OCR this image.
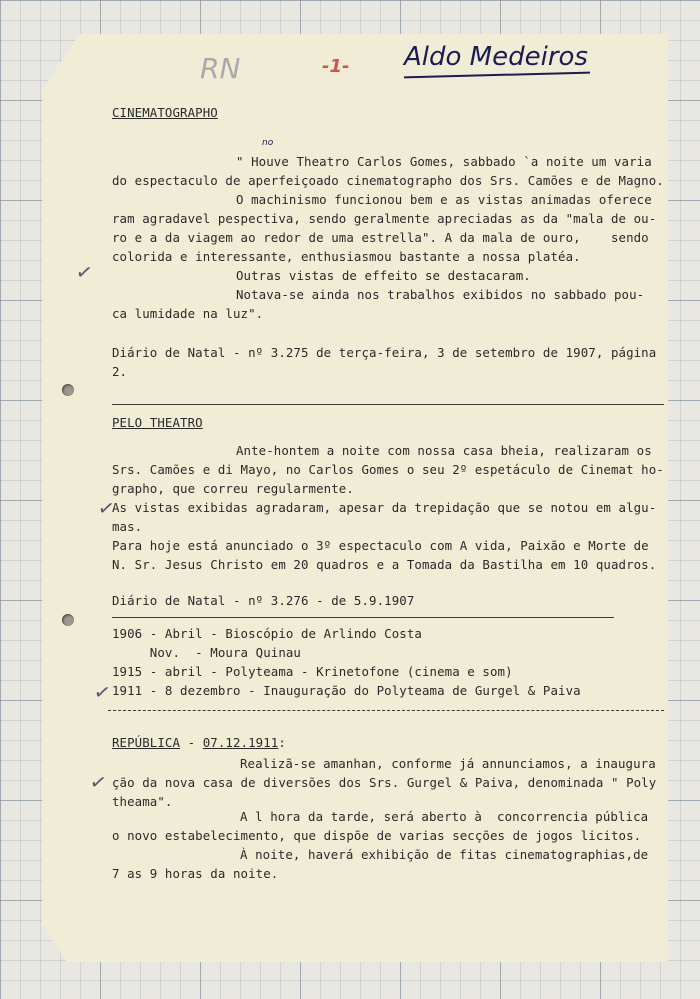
RN	-1- Aldo Medeiros
CINEMATOGRAPHO
" Houve Theatro Carlos Gomes, sabbado `a noite um varia
no
do espectaculo de aperfeiçoado cinematographo dos Srs. Camões e de Magno.
O machinismo funcionou bem e as vistas animadas oferece
ram agradavel pespectiva, sendo geralmente apreciadas as da "mala de ou-
ro e a da viagem ao redor de uma estrella". A da mala de ouro,    sendo
colorida e interessante, enthusiasmou bastante a nossa platéa.
Outras vistas de effeito se destacaram.
Notava-se ainda nos trabalhos exibidos no sabbado pou-
ca lumidade na luz".
Diário de Natal - nº 3.275 de terça-feira, 3 de setembro de 1907, página
2.
PELO THEATRO
Ante-hontem a noite com nossa casa bheia, realizaram os
Srs. Camões e di Mayo, no Carlos Gomes o seu 2º espetáculo de Cinemat ho-
grapho, que correu regularmente.
As vistas exibidas agradaram, apesar da trepidação que se notou em algu-
mas.
Para hoje está anunciado o 3º espectaculo com A vida, Paixão e Morte de
N. Sr. Jesus Christo em 20 quadros e a Tomada da Bastilha em 10 quadros.
Diário de Natal - nº 3.276 - de 5.9.1907
1906 - Abril - Bioscópio de Arlindo Costa
Nov.  - Moura Quinau
1915 - abril - Polyteama - Krinetofone (cinema e som)
1911 - 8 dezembro - Inauguração do Polyteama de Gurgel & Paiva
REPÚBLICA - 07.12.1911:
Realizã-se amanhan, conforme já annunciamos, a inaugura
ção da nova casa de diversões dos Srs. Gurgel & Paiva, denominada " Poly
theama".
A l hora da tarde, será aberto à  concorrencia pública
o novo estabelecimento, que dispõe de varias secções de jogos licitos.
À noite, haverá exhibição de fitas cinematographias,de
7 as 9 horas da noite.
✓
✓
✓
✓
